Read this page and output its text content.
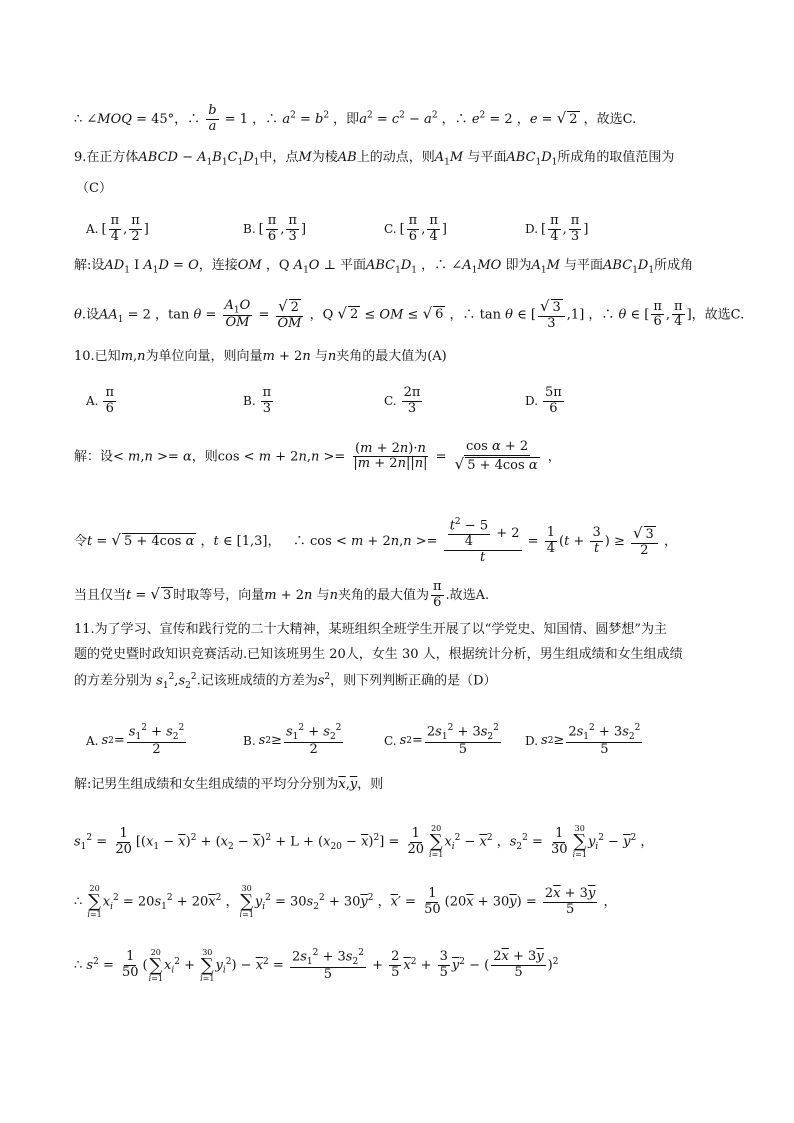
∴ ∠MOQ = 45°，∴ $\frac{b}{a} = 1$ ，∴ $a^2 = b^2$ ，即$a^2 = c^2 - a^2$ ，∴ $e^2 = 2$ ，e = √ 2 ，故选C.
9.在正方体ABCD − $A_1B_1C_1D_1$中，点M为棱AB上的动点，则$A_1M$ 与平面$ABC_1D_1$所成角的取值范围为
（C）
A. [ $\frac{\pi}{4}$ , $\frac{\pi}{2}$ ]	B. [ $\frac{\pi}{6}$ , $\frac{\pi}{3}$ ]	C. [ $\frac{\pi}{6}$ , $\frac{\pi}{4}$ ]	D. [ $\frac{\pi}{4}$ , $\frac{\pi}{3}$ ]
解:设$AD_1$ I $A_1D = O$，连接OM ，Q $A_1O$ ⊥ 平面$ABC_1D_1$ ，∴ $\angle A_1MO$ 即为$A_1M$ 与平面$ABC_1D_1$所成角
θ.设$AA_1 = 2$ ，$\tan \theta = \frac{A_1O}{OM} = \frac{√ 2}{OM}$ ，Q √ 2 ≤ OM ≤ √ 6 ，∴ tan θ ∈ [ $\frac{√ 3}{3} ,1$] ，∴ θ ∈ [ $\frac{\pi}{6}$ , $\frac{\pi}{4}$ ]，故选C.
10.已知m,n为单位向量，则向量m + 2n 与n夹角的最大值为(A)
A. $\frac{\pi}{6}$	B. $\frac{\pi}{3}$	C. $\frac{2\pi}{3}$	D. $\frac{5\pi}{6}$
解：设< m,n >= α，则$\cos < m + 2n,n >= \frac{(m + 2n)\cdot n}{|m + 2n||n|} = \frac{\text{cos α + 2}}{\text{√ 5 + 4cos α}}$ ，
令t = √ 5 + 4cos α ，t ∈ [1,3]，   ∴ $\cos < m + 2n,n >= \frac{\frac{t^2 - 5}{4} + 2}{t} = \frac{1}{4} (t + \frac{3}{t}$ ) ≥ $\frac{√ 3}{2}$ ，
当且仅当t = √ 3 时取等号，向量m + 2n 与n夹角的最大值为 $\frac{\pi}{6}$ .故选A.
11.为了学习、宣传和践行党的二十大精神，某班组织全班学生开展了以“学党史、知国情、圆梦想”为主
题的党史暨时政知识竞赛活动.已知该班男生 20人，女生 30 人，根据统计分析，男生组成绩和女生组成绩
的方差分别为 $s_1^2,s_2^2$.记该班成绩的方差为$s^2$，则下列判断正确的是（D）
A. s $2 = \frac{s_1^2 + s_2^2}{2}$	B. s $2 \ge \frac{s_1^2 + s_2^2}{2}$	C. s $2 = \frac{2s_1^2 + 3s_2^2}{5} D$. s $2 \ge \frac{2s_1^2 + 3s_2^2}{5}$
解:记男生组成绩和女生组成绩的平均分分别为$\overline{x},\overline{y}$，则
$s_1^2 = \frac{1}{20} [(x_1 - \overline{x})^2 + (x_2 - \overline{x})^2 + L + (x_{20} - \overline{x})^2] = \frac{1}{20} 20$
∑
i=1
$x_i^2 - \overline{x}^2$ ，$s_2^2 = \frac{1}{30} 30$
∑
i=1
$y_i^2 - \overline{y}^2$ ，
∴
20
∑
i=1
$x_i^2 = 20s_1^2 + 20\overline{x}^2$ ，
30
∑
i=1
$y_i^2 = 30s_2^2 + 30\overline{y}^2$ ，$\overline{x}' = \frac{1}{50} (20\overline{x} + 30\overline{y}) = \frac{2\overline{x} + 3\overline{y}}{5}$ ，
∴ $s^2 = \frac{1}{50}$ (
20
∑
i=1
$x_i^2$ +
30
∑
i=1
$y_i^2) - \overline{x}^2 = \frac{2s_1^2 + 3s_2^2}{5} + \frac{2}{5} \overline{x}^2 + \frac{3}{5} \overline{y}^2$ − ( $\frac{2\overline{x} + 3\overline{y}}{5} )^2$
